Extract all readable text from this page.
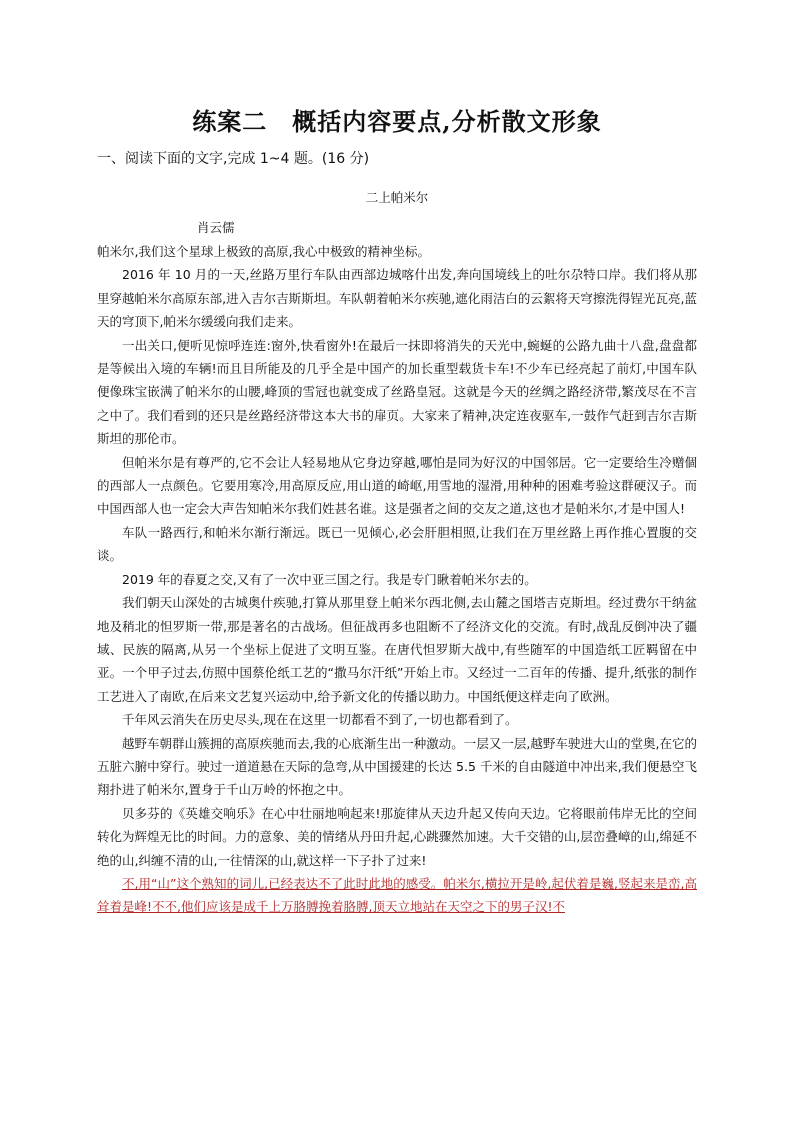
练案二　概括内容要点,分析散文形象
一、阅读下面的文字,完成 1~4 题。(16 分)
二上帕米尔
肖云儒

帕米尔,我们这个星球上极致的高原,我心中极致的精神坐标。

2016 年 10 月的一天,丝路万里行车队由西部边城喀什出发,奔向国境线上的吐尔尕特口岸。我们将从那里穿越帕米尔高原东部,进入吉尔吉斯斯坦。车队朝着帕米尔疾驰,遮化雨洁白的云絮将天穹擦洗得锃光瓦亮,蓝天的穹顶下,帕米尔缓缓向我们走来。

一出关口,便听见惊呼连连:窗外,快看窗外!在最后一抹即将消失的天光中,蜿蜒的公路九曲十八盘,盘盘都是等候出入境的车辆!而且目所能及的几乎全是中国产的加长重型载货卡车!不少车已经亮起了前灯,中国车队便像珠宝嵌满了帕米尔的山腰,峰顶的雪冠也就变成了丝路皇冠。这就是今天的丝绸之路经济带,繁茂尽在不言之中了。我们看到的还只是丝路经济带这本大书的扉页。大家来了精神,决定连夜驱车,一鼓作气赶到吉尔吉斯斯坦的那伦市。

但帕米尔是有尊严的,它不会让人轻易地从它身边穿越,哪怕是同为好汉的中国邻居。它一定要给生冷赠個的西部人一点颜色。它要用寒冷,用高原反应,用山道的崎岖,用雪地的湿滑,用种种的困难考验这群硬汉子。而中国西部人也一定会大声告知帕米尔我们姓甚名谁。这是强者之间的交友之道,这也才是帕米尔,才是中国人!

车队一路西行,和帕米尔渐行渐远。既已一见倾心,必会肝胆相照,让我们在万里丝路上再作推心置腹的交谈。

2019 年的春夏之交,又有了一次中亚三国之行。我是专门瞅着帕米尔去的。

我们朝天山深处的古城奥什疾驰,打算从那里登上帕米尔西北侧,去山麓之国塔吉克斯坦。经过费尔干纳盆地及稍北的怛罗斯一带,那是著名的古战场。但征战再多也阻断不了经济文化的交流。有时,战乱反倒冲决了疆域、民族的隔离,从另一个坐标上促进了文明互鉴。在唐代怛罗斯大战中,有些随军的中国造纸工匠羁留在中亚。一个甲子过去,仿照中国蔡伦纸工艺的“撒马尔汗纸”开始上市。又经过一二百年的传播、提升,纸张的制作工艺进入了南欧,在后来文艺复兴运动中,给予新文化的传播以助力。中国纸便这样走向了欧洲。

千年风云消失在历史尽头,现在在这里一切都看不到了,一切也都看到了。

越野车朝群山簇拥的高原疾驰而去,我的心底渐生出一种激动。一层又一层,越野车驶进大山的堂奥,在它的五脏六腑中穿行。驶过一道道悬在天际的急弯,从中国援建的长达 5.5 千米的自由隧道中冲出来,我们便悬空飞翔扑进了帕米尔,置身于千山万岭的怀抱之中。

贝多芬的《英雄交响乐》在心中壮丽地响起来!那旋律从天边升起又传向天边。它将眼前伟岸无比的空间转化为辉煌无比的时间。力的意象、美的情绪从丹田升起,心跳骤然加速。大千交错的山,层峦叠嶂的山,绵延不绝的山,纠缠不清的山,一往情深的山,就这样一下子扑了过来!

不,用“山”这个熟知的词儿,已经表达不了此时此地的感受。帕米尔,横拉开是岭,起伏着是巍,竖起来是峦,高耸着是峰!不不,他们应该是成千上万胳膊挽着胳膊,顶天立地站在天空之下的男子汉!不
